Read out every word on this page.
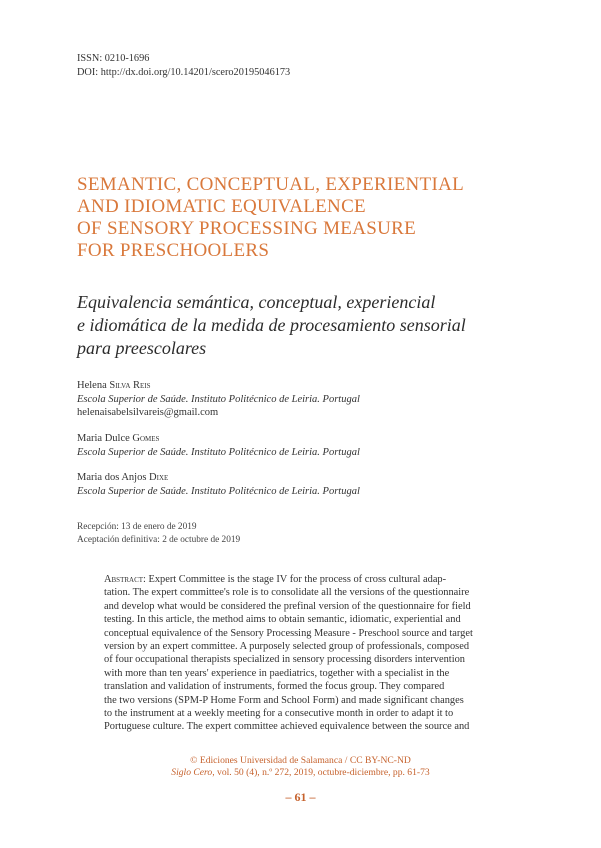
ISSN: 0210-1696
DOI: http://dx.doi.org/10.14201/scero20195046173
SEMANTIC, CONCEPTUAL, EXPERIENTIAL
AND IDIOMATIC EQUIVALENCE
OF SENSORY PROCESSING MEASURE
FOR PRESCHOOLERS
Equivalencia semántica, conceptual, experiencial
e idiomática de la medida de procesamiento sensorial
para preescolares
Helena Silva Reis
Escola Superior de Saúde. Instituto Politécnico de Leiria. Portugal
helenaisabelsilvareis@gmail.com
Maria Dulce Gomes
Escola Superior de Saúde. Instituto Politécnico de Leiria. Portugal
Maria dos Anjos Dixe
Escola Superior de Saúde. Instituto Politécnico de Leiria. Portugal
Recepción: 13 de enero de 2019
Aceptación definitiva: 2 de octubre de 2019
Abstract: Expert Committee is the stage IV for the process of cross cultural adap-
tation. The expert committee's role is to consolidate all the versions of the questionnaire
and develop what would be considered the prefinal version of the questionnaire for field
testing. In this article, the method aims to obtain semantic, idiomatic, experiential and
conceptual equivalence of the Sensory Processing Measure - Preschool source and target
version by an expert committee. A purposely selected group of professionals, composed
of four occupational therapists specialized in sensory processing disorders intervention
with more than ten years' experience in paediatrics, together with a specialist in the
translation and validation of instruments, formed the focus group. They compared
the two versions (SPM-P Home Form and School Form) and made significant changes
to the instrument at a weekly meeting for a consecutive month in order to adapt it to
Portuguese culture. The expert committee achieved equivalence between the source and
© Ediciones Universidad de Salamanca / CC BY-NC-ND
Siglo Cero, vol. 50 (4), n.º 272, 2019, octubre-diciembre, pp. 61-73
– 61 –
